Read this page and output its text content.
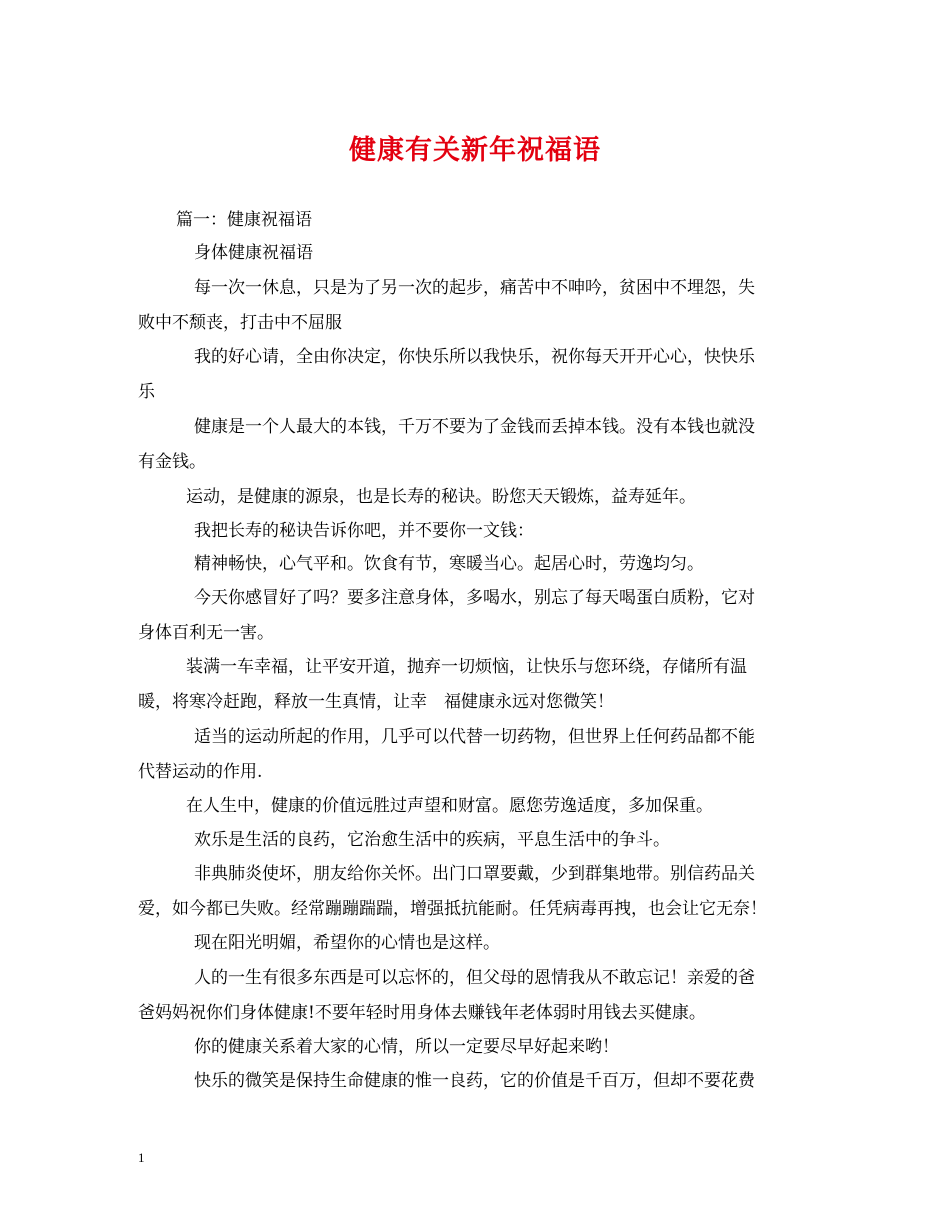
健康有关新年祝福语
篇一：健康祝福语
身体健康祝福语
每一次一休息，只是为了另一次的起步，痛苦中不呻吟，贫困中不埋怨，失
败中不颓丧，打击中不屈服
我的好心请，全由你决定，你快乐所以我快乐，祝你每天开开心心，快快乐
乐
健康是一个人最大的本钱，千万不要为了金钱而丢掉本钱。没有本钱也就没
有金钱。
运动，是健康的源泉，也是长寿的秘诀。盼您天天锻炼，益寿延年。
我把长寿的秘诀告诉你吧，并不要你一文钱：
精神畅快，心气平和。饮食有节，寒暖当心。起居心时，劳逸均匀。
今天你感冒好了吗？要多注意身体，多喝水，别忘了每天喝蛋白质粉，它对
身体百利无一害。
装满一车幸福，让平安开道，抛弃一切烦恼，让快乐与您环绕，存储所有温
暖，将寒冷赶跑，释放一生真情，让幸　福健康永远对您微笑！
适当的运动所起的作用，几乎可以代替一切药物，但世界上任何药品都不能
代替运动的作用.
在人生中，健康的价值远胜过声望和财富。愿您劳逸适度，多加保重。
欢乐是生活的良药，它治愈生活中的疾病，平息生活中的争斗。
非典肺炎使坏，朋友给你关怀。出门口罩要戴，少到群集地带。别信药品关
爱，如今都已失败。经常蹦蹦踹踹，增强抵抗能耐。任凭病毒再拽，也会让它无奈！
现在阳光明媚，希望你的心情也是这样。
人的一生有很多东西是可以忘怀的，但父母的恩情我从不敢忘记！亲爱的爸
爸妈妈祝你们身体健康!不要年轻时用身体去赚钱年老体弱时用钱去买健康。
你的健康关系着大家的心情，所以一定要尽早好起来哟！
快乐的微笑是保持生命健康的惟一良药，它的价值是千百万，但却不要花费
1
